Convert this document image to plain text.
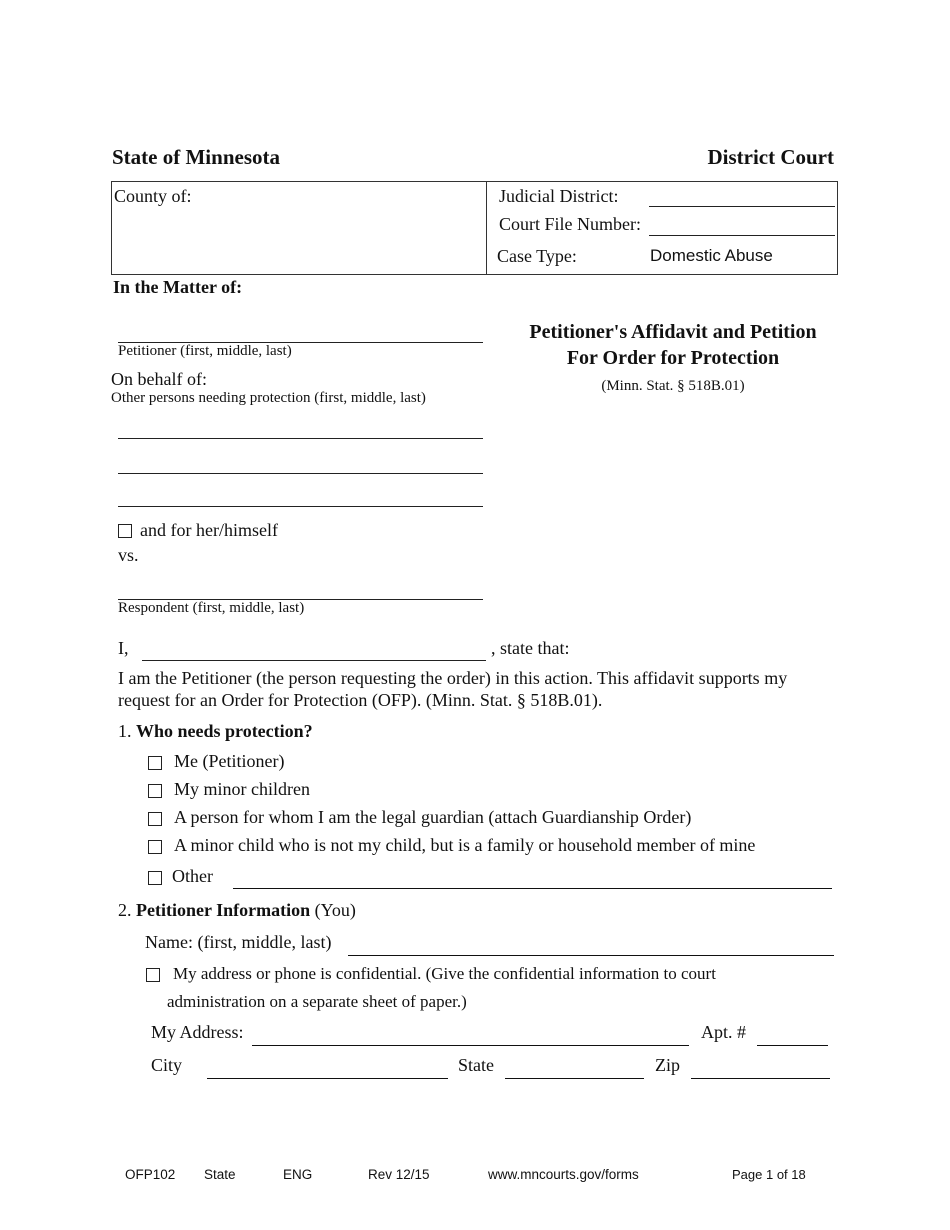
State of Minnesota	District Court
County of:	Judicial District:
Court File Number:
Case Type:	Domestic Abuse
In the Matter of:
Petitioner (first, middle, last)
On behalf of:
Other persons needing protection (first, middle, last)
and for her/himself
vs.
Respondent (first, middle, last)
Petitioner's Affidavit and Petition
For Order for Protection
(Minn. Stat. § 518B.01)
I,	, state that:
I am the Petitioner (the person requesting the order) in this action. This affidavit supports my
request for an Order for Protection (OFP). (Minn. Stat. § 518B.01).
1. Who needs protection?
Me (Petitioner)
My minor children
A person for whom I am the legal guardian (attach Guardianship Order)
A minor child who is not my child, but is a family or household member of mine
Other
2. Petitioner Information (You)
Name: (first, middle, last)
My address or phone is confidential. (Give the confidential information to court
administration on a separate sheet of paper.)
My Address:	Apt. #
City	State	Zip
OFP102 State	ENG	Rev 12/15	www.mncourts.gov/forms	Page 1 of 18
